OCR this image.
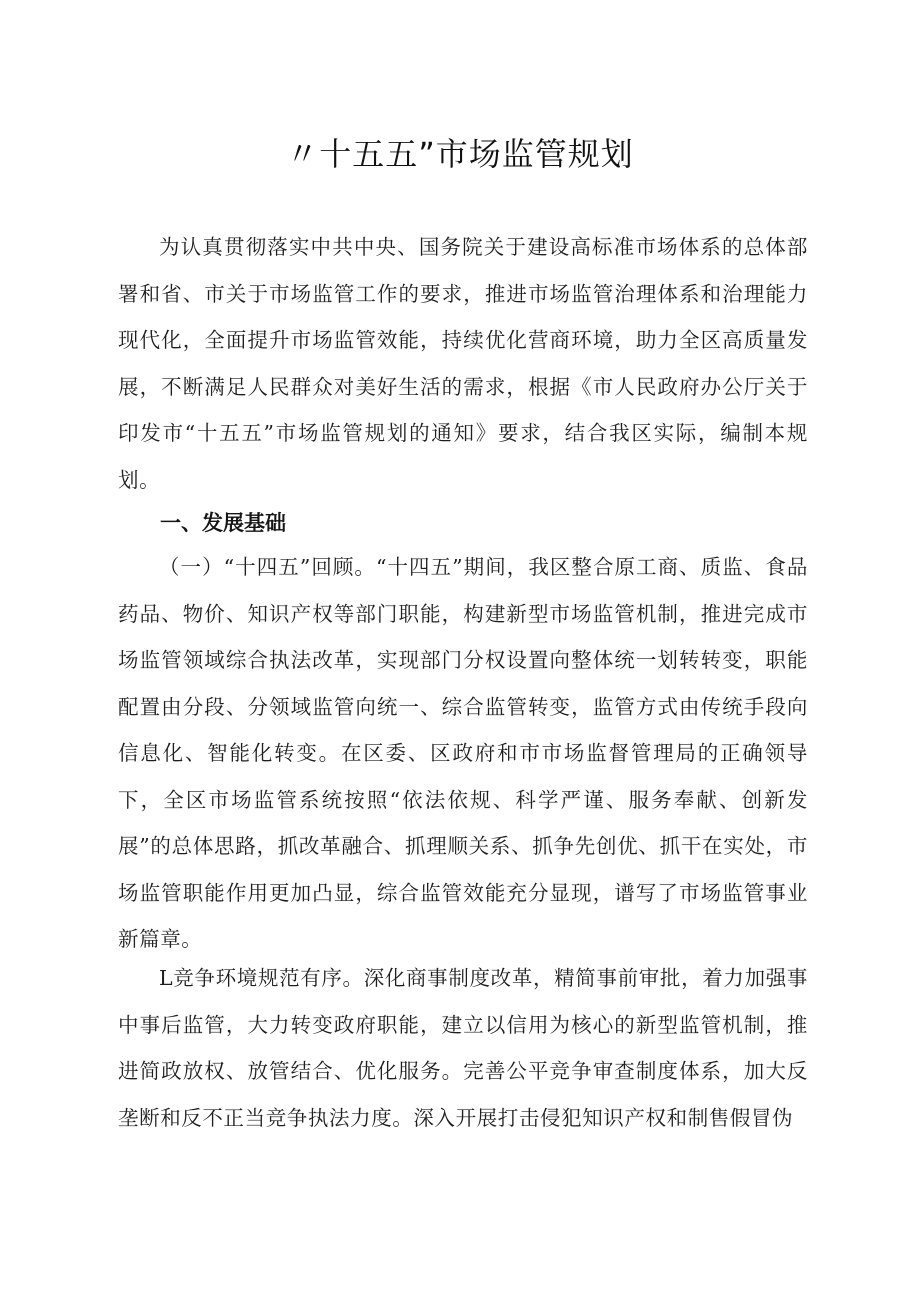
〃十五五”市场监管规划

为认真贯彻落实中共中央、国务院关于建设高标准市场体系的总体部署和省、市关于市场监管工作的要求，推进市场监管治理体系和治理能力现代化，全面提升市场监管效能，持续优化营商环境，助力全区高质量发展，不断满足人民群众对美好生活的需求，根据《市人民政府办公厅关于印发市“十五五”市场监管规划的通知》要求，结合我区实际，编制本规划。

一、发展基础

（一）“十四五”回顾。“十四五”期间，我区整合原工商、质监、食品药品、物价、知识产权等部门职能，构建新型市场监管机制，推进完成市场监管领域综合执法改革，实现部门分权设置向整体统一划转转变，职能配置由分段、分领域监管向统一、综合监管转变，监管方式由传统手段向信息化、智能化转变。在区委、区政府和市市场监督管理局的正确领导下，全区市场监管系统按照“依法依规、科学严谨、服务奉献、创新发展”的总体思路，抓改革融合、抓理顺关系、抓争先创优、抓干在实处，市场监管职能作用更加凸显，综合监管效能充分显现，谱写了市场监管事业新篇章。

L竞争环境规范有序。深化商事制度改革，精简事前审批，着力加强事中事后监管，大力转变政府职能，建立以信用为核心的新型监管机制，推进简政放权、放管结合、优化服务。完善公平竞争审查制度体系，加大反垄断和反不正当竞争执法力度。深入开展打击侵犯知识产权和制售假冒伪
